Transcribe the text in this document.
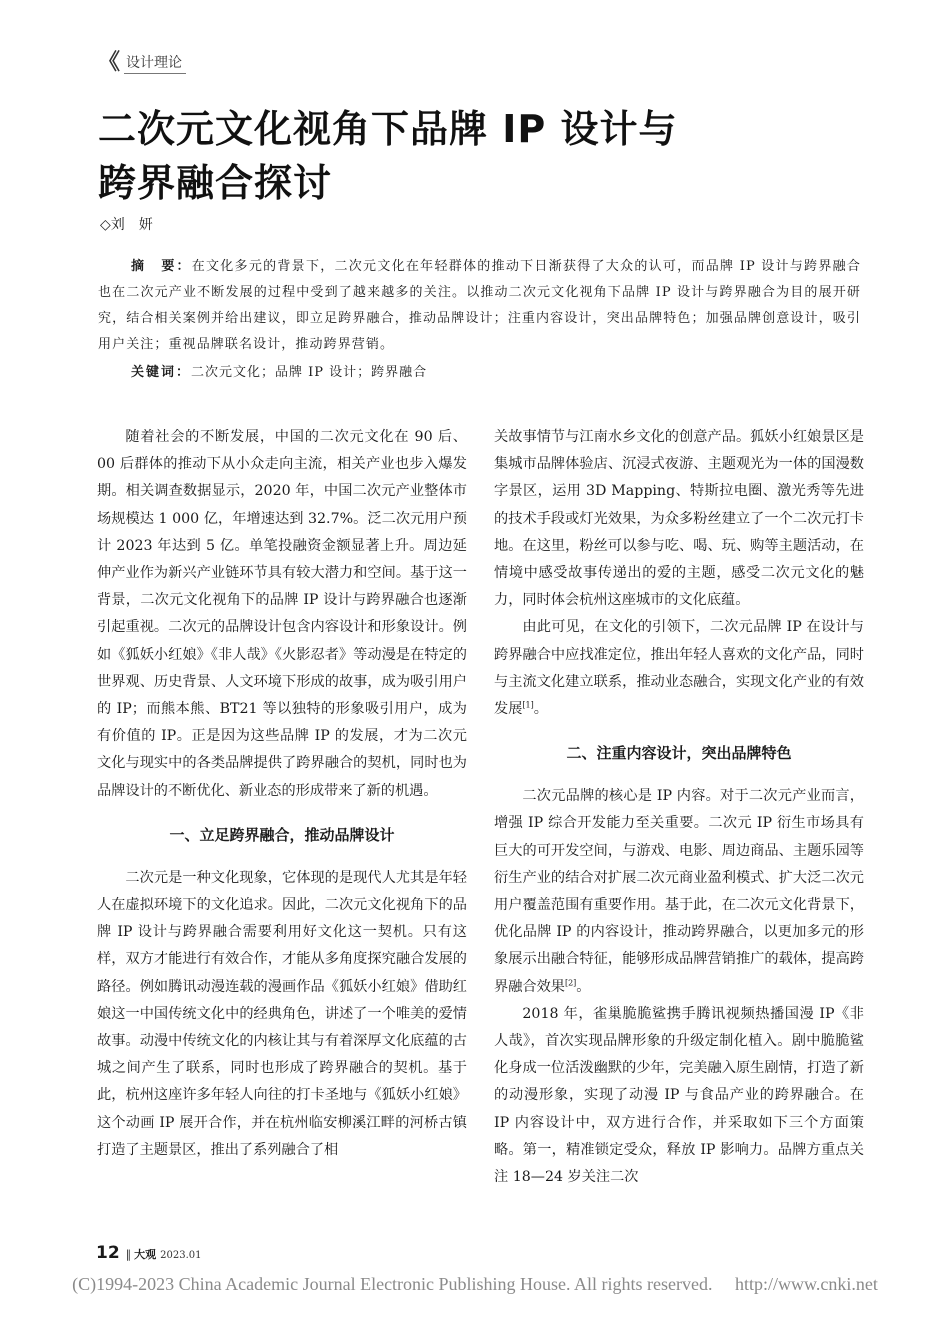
《 设计理论
二次元文化视角下品牌 IP 设计与
跨界融合探讨
◇刘　妍
摘　要：在文化多元的背景下，二次元文化在年轻群体的推动下日渐获得了大众的认可，而品牌 IP 设计与跨界融合也在二次元产业不断发展的过程中受到了越来越多的关注。以推动二次元文化视角下品牌 IP 设计与跨界融合为目的展开研究，结合相关案例并给出建议，即立足跨界融合，推动品牌设计；注重内容设计，突出品牌特色；加强品牌创意设计，吸引用户关注；重视品牌联名设计，推动跨界营销。
关键词：二次元文化；品牌 IP 设计；跨界融合

随着社会的不断发展，中国的二次元文化在 90 后、00 后群体的推动下从小众走向主流，相关产业也步入爆发期。相关调查数据显示，2020 年，中国二次元产业整体市场规模达 1 000 亿，年增速达到 32.7%。泛二次元用户预计 2023 年达到 5 亿。单笔投融资金额显著上升。周边延伸产业作为新兴产业链环节具有较大潜力和空间。基于这一背景，二次元文化视角下的品牌 IP 设计与跨界融合也逐渐引起重视。二次元的品牌设计包含内容设计和形象设计。例如《狐妖小红娘》《非人哉》《火影忍者》等动漫是在特定的世界观、历史背景、人文环境下形成的故事，成为吸引用户的 IP；而熊本熊、BT21 等以独特的形象吸引用户，成为有价值的 IP。正是因为这些品牌 IP 的发展，才为二次元文化与现实中的各类品牌提供了跨界融合的契机，同时也为品牌设计的不断优化、新业态的形成带来了新的机遇。

一、立足跨界融合，推动品牌设计

二次元是一种文化现象，它体现的是现代人尤其是年轻人在虚拟环境下的文化追求。因此，二次元文化视角下的品牌 IP 设计与跨界融合需要利用好文化这一契机。只有这样，双方才能进行有效合作，才能从多角度探究融合发展的路径。例如腾讯动漫连载的漫画作品《狐妖小红娘》借助红娘这一中国传统文化中的经典角色，讲述了一个唯美的爱情故事。动漫中传统文化的内核让其与有着深厚文化底蕴的古城之间产生了联系，同时也形成了跨界融合的契机。基于此，杭州这座许多年轻人向往的打卡圣地与《狐妖小红娘》这个动画 IP 展开合作，并在杭州临安柳溪江畔的河桥古镇打造了主题景区，推出了系列融合了相

关故事情节与江南水乡文化的创意产品。狐妖小红娘景区是集城市品牌体验店、沉浸式夜游、主题观光为一体的国漫数字景区，运用 3D Mapping、特斯拉电圈、激光秀等先进的技术手段或灯光效果，为众多粉丝建立了一个二次元打卡地。在这里，粉丝可以参与吃、喝、玩、购等主题活动，在情境中感受故事传递出的爱的主题，感受二次元文化的魅力，同时体会杭州这座城市的文化底蕴。

由此可见，在文化的引领下，二次元品牌 IP 在设计与跨界融合中应找准定位，推出年轻人喜欢的文化产品，同时与主流文化建立联系，推动业态融合，实现文化产业的有效发展[1]。

二、注重内容设计，突出品牌特色

二次元品牌的核心是 IP 内容。对于二次元产业而言，增强 IP 综合开发能力至关重要。二次元 IP 衍生市场具有巨大的可开发空间，与游戏、电影、周边商品、主题乐园等衍生产业的结合对扩展二次元商业盈利模式、扩大泛二次元用户覆盖范围有重要作用。基于此，在二次元文化背景下，优化品牌 IP 的内容设计，推动跨界融合，以更加多元的形象展示出融合特征，能够形成品牌营销推广的载体，提高跨界融合效果[2]。

2018 年，雀巢脆脆鲨携手腾讯视频热播国漫 IP《非人哉》，首次实现品牌形象的升级定制化植入。剧中脆脆鲨化身成一位活泼幽默的少年，完美融入原生剧情，打造了新的动漫形象，实现了动漫 IP 与食品产业的跨界融合。在 IP 内容设计中，双方进行合作，并采取如下三个方面策略。第一，精准锁定受众，释放 IP 影响力。品牌方重点关注 18—24 岁关注二次

12 ‖ 大观 2023.01
(C)1994-2023 China Academic Journal Electronic Publishing House. All rights reserved.　 http://www.cnki.net
